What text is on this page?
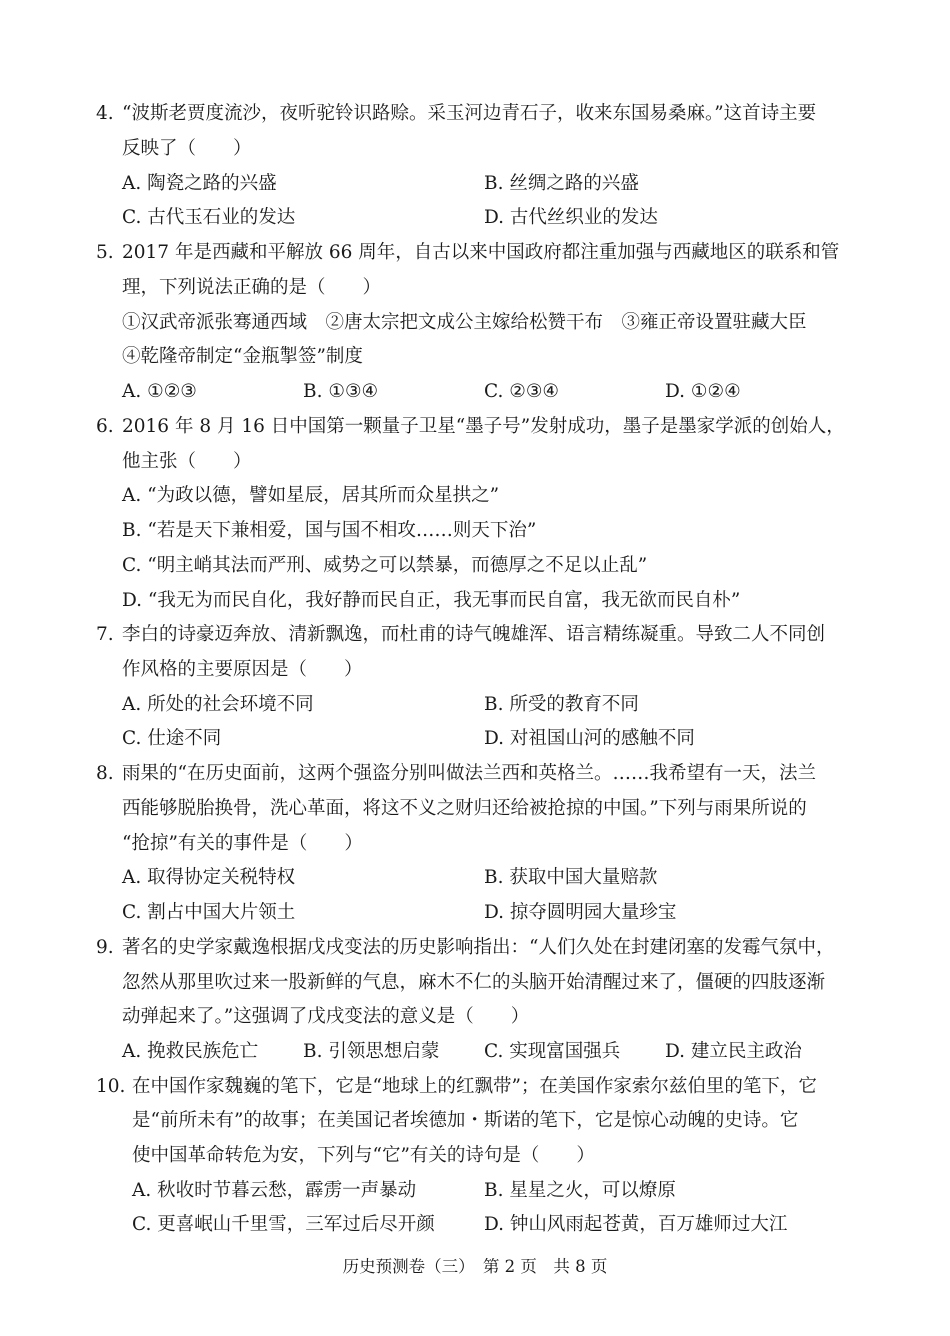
4. “波斯老贾度流沙，夜听驼铃识路赊。采玉河边青石子，收来东国易桑麻。”这首诗主要
反映了（　　）
A. 陶瓷之路的兴盛	B. 丝绸之路的兴盛
C. 古代玉石业的发达	D. 古代丝织业的发达
5. 2017 年是西藏和平解放 66 周年，自古以来中国政府都注重加强与西藏地区的联系和管
理，下列说法正确的是（　　）
①汉武帝派张骞通西域　②唐太宗把文成公主嫁给松赞干布　③雍正帝设置驻藏大臣
④乾隆帝制定“金瓶掣签”制度
A. ①②③	B. ①③④	C. ②③④	D. ①②④
6. 2016 年 8 月 16 日中国第一颗量子卫星“墨子号”发射成功，墨子是墨家学派的创始人，
他主张（　　）
A. “为政以德，譬如星辰，居其所而众星拱之”
B. “若是天下兼相爱，国与国不相攻……则天下治”
C. “明主峭其法而严刑、威势之可以禁暴，而德厚之不足以止乱”
D. “我无为而民自化，我好静而民自正，我无事而民自富，我无欲而民自朴”
7. 李白的诗豪迈奔放、清新飘逸，而杜甫的诗气魄雄浑、语言精练凝重。导致二人不同创
作风格的主要原因是（　　）
A. 所处的社会环境不同	B. 所受的教育不同
C. 仕途不同	D. 对祖国山河的感触不同
8. 雨果的“在历史面前，这两个强盗分别叫做法兰西和英格兰。……我希望有一天，法兰
西能够脱胎换骨，洗心革面，将这不义之财归还给被抢掠的中国。”下列与雨果所说的
“抢掠”有关的事件是（　　）
A. 取得协定关税特权	B. 获取中国大量赔款
C. 割占中国大片领土	D. 掠夺圆明园大量珍宝
9. 著名的史学家戴逸根据戊戌变法的历史影响指出：“人们久处在封建闭塞的发霉气氛中，
忽然从那里吹过来一股新鲜的气息，麻木不仁的头脑开始清醒过来了，僵硬的四肢逐渐
动弹起来了。”这强调了戊戌变法的意义是（　　）
A. 挽救民族危亡 B. 引领思想启蒙 C. 实现富国强兵 D. 建立民主政治
10. 在中国作家魏巍的笔下，它是“地球上的红飘带”；在美国作家索尔兹伯里的笔下，它
是“前所未有”的故事；在美国记者埃德加・斯诺的笔下，它是惊心动魄的史诗。它
使中国革命转危为安，下列与“它”有关的诗句是（　　）
A. 秋收时节暮云愁，霹雳一声暴动	B. 星星之火，可以燎原
C. 更喜岷山千里雪，三军过后尽开颜	D. 钟山风雨起苍黄，百万雄师过大江
历史预测卷（三）　第 2 页　共 8 页
